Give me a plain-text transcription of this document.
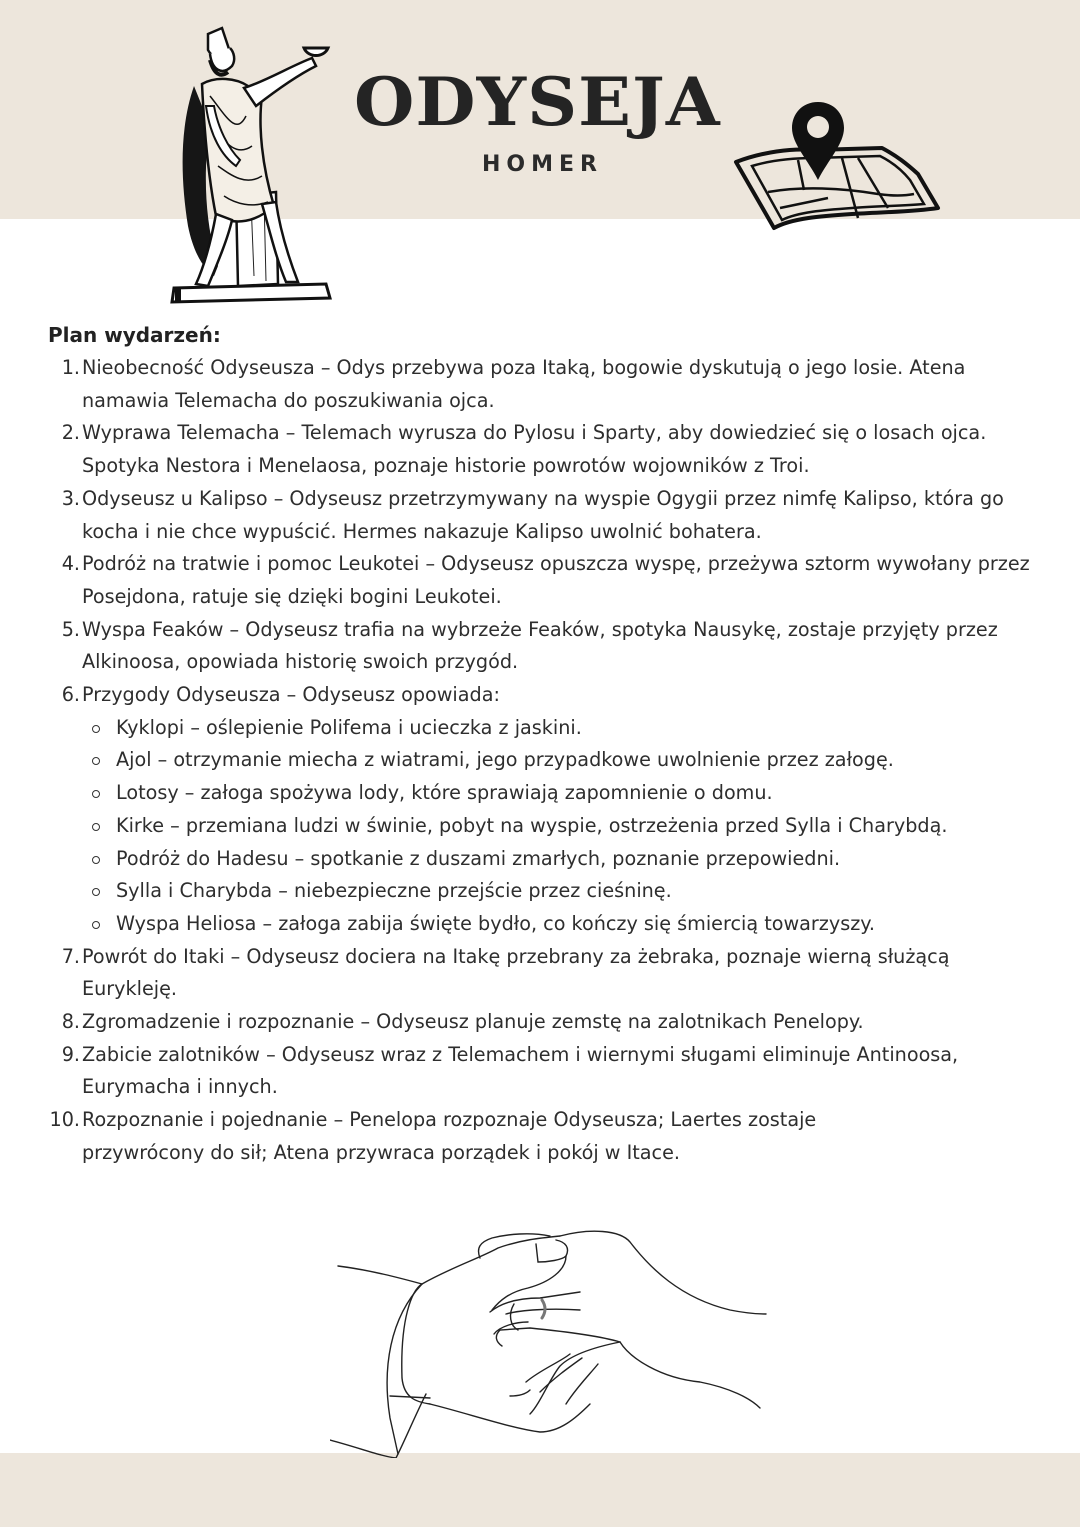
ODYSEJA
HOMER

Plan wydarzeń:

1. Nieobecność Odyseusza – Odys przebywa poza Itaką, bogowie dyskutują o jego losie. Atena namawia Telemacha do poszukiwania ojca.
2. Wyprawa Telemacha – Telemach wyrusza do Pylosu i Sparty, aby dowiedzieć się o losach ojca. Spotyka Nestora i Menelaosa, poznaje historie powrotów wojowników z Troi.
3. Odyseusz u Kalipso – Odyseusz przetrzymywany na wyspie Ogygii przez nimfę Kalipso, która go kocha i nie chce wypuścić. Hermes nakazuje Kalipso uwolnić bohatera.
4. Podróż na tratwie i pomoc Leukotei – Odyseusz opuszcza wyspę, przeżywa sztorm wywołany przez Posejdona, ratuje się dzięki bogini Leukotei.
5. Wyspa Feaków – Odyseusz trafia na wybrzeże Feaków, spotyka Nausykę, zostaje przyjęty przez Alkinoosa, opowiada historię swoich przygód.
6. Przygody Odyseusza – Odyseusz opowiada:
Kyklopi – oślepienie Polifema i ucieczka z jaskini.
Ajol – otrzymanie miecha z wiatrami, jego przypadkowe uwolnienie przez załogę.
Lotosy – załoga spożywa lody, które sprawiają zapomnienie o domu.
Kirke – przemiana ludzi w świnie, pobyt na wyspie, ostrzeżenia przed Sylla i Charybdą.
Podróż do Hadesu – spotkanie z duszami zmarłych, poznanie przepowiedni.
Sylla i Charybda – niebezpieczne przejście przez cieśninę.
Wyspa Heliosa – załoga zabija święte bydło, co kończy się śmiercią towarzyszy.
7. Powrót do Itaki – Odyseusz dociera na Itakę przebrany za żebraka, poznaje wierną służącą Eurykleję.
8. Zgromadzenie i rozpoznanie – Odyseusz planuje zemstę na zalotnikach Penelopy.
9. Zabicie zalotników – Odyseusz wraz z Telemachem i wiernymi sługami eliminuje Antinoosa, Eurymacha i innych.
10. Rozpoznanie i pojednanie – Penelopa rozpoznaje Odyseusza; Laertes zostaje przywrócony do sił; Atena przywraca porządek i pokój w Itace.
